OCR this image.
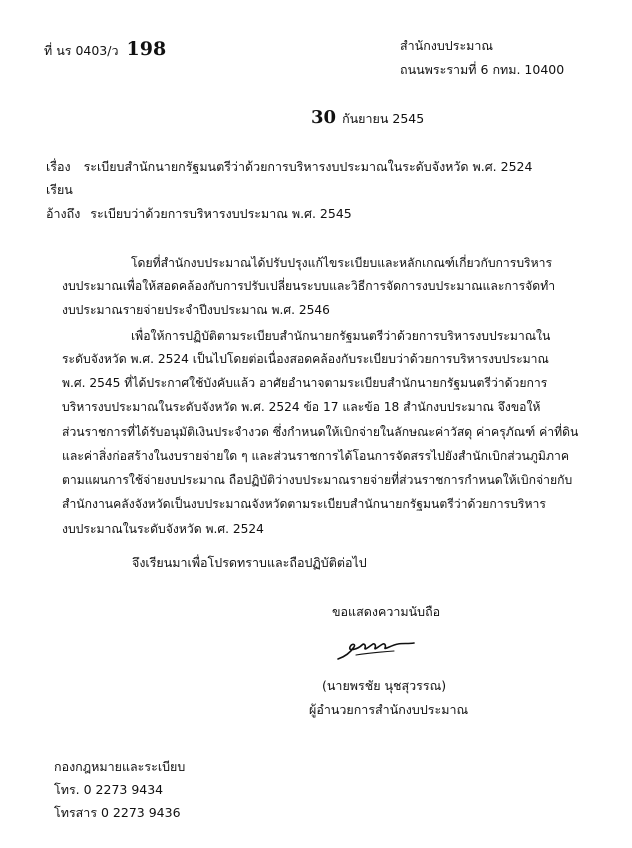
ที่ นร 0403/ว 198	สำนักงบประมาณ
ถนนพระรามที่ 6 กทม. 10400
30 กันยายน 2545
เรื่อง ระเบียบสำนักนายกรัฐมนตรีว่าด้วยการบริหารงบประมาณในระดับจังหวัด พ.ศ. 2524
เรียน
อ้างถึง ระเบียบว่าด้วยการบริหารงบประมาณ พ.ศ. 2545
โดยที่สำนักงบประมาณได้ปรับปรุงแก้ไขระเบียบและหลักเกณฑ์เกี่ยวกับการบริหาร
งบประมาณเพื่อให้สอดคล้องกับการปรับเปลี่ยนระบบและวิธีการจัดการงบประมาณและการจัดทำ
งบประมาณรายจ่ายประจำปีงบประมาณ พ.ศ. 2546
เพื่อให้การปฏิบัติตามระเบียบสำนักนายกรัฐมนตรีว่าด้วยการบริหารงบประมาณใน
ระดับจังหวัด พ.ศ. 2524 เป็นไปโดยต่อเนื่องสอดคล้องกับระเบียบว่าด้วยการบริหารงบประมาณ
พ.ศ. 2545 ที่ได้ประกาศใช้บังคับแล้ว อาศัยอำนาจตามระเบียบสำนักนายกรัฐมนตรีว่าด้วยการ
บริหารงบประมาณในระดับจังหวัด พ.ศ. 2524 ข้อ 17 และข้อ 18 สำนักงบประมาณ จึงขอให้
ส่วนราชการที่ได้รับอนุมัติเงินประจำงวด ซึ่งกำหนดให้เบิกจ่ายในลักษณะค่าวัสดุ ค่าครุภัณฑ์ ค่าที่ดิน
และค่าสิ่งก่อสร้างในงบรายจ่ายใด ๆ และส่วนราชการได้โอนการจัดสรรไปยังสำนักเบิกส่วนภูมิภาค
ตามแผนการใช้จ่ายงบประมาณ ถือปฏิบัติว่างบประมาณรายจ่ายที่ส่วนราชการกำหนดให้เบิกจ่ายกับ
สำนักงานคลังจังหวัดเป็นงบประมาณจังหวัดตามระเบียบสำนักนายกรัฐมนตรีว่าด้วยการบริหาร
งบประมาณในระดับจังหวัด พ.ศ. 2524
จึงเรียนมาเพื่อโปรดทราบและถือปฏิบัติต่อไป
ขอแสดงความนับถือ
(นายพรชัย นุชสุวรรณ)
ผู้อำนวยการสำนักงบประมาณ
กองกฎหมายและระเบียบ
โทร. 0 2273 9434
โทรสาร 0 2273 9436
